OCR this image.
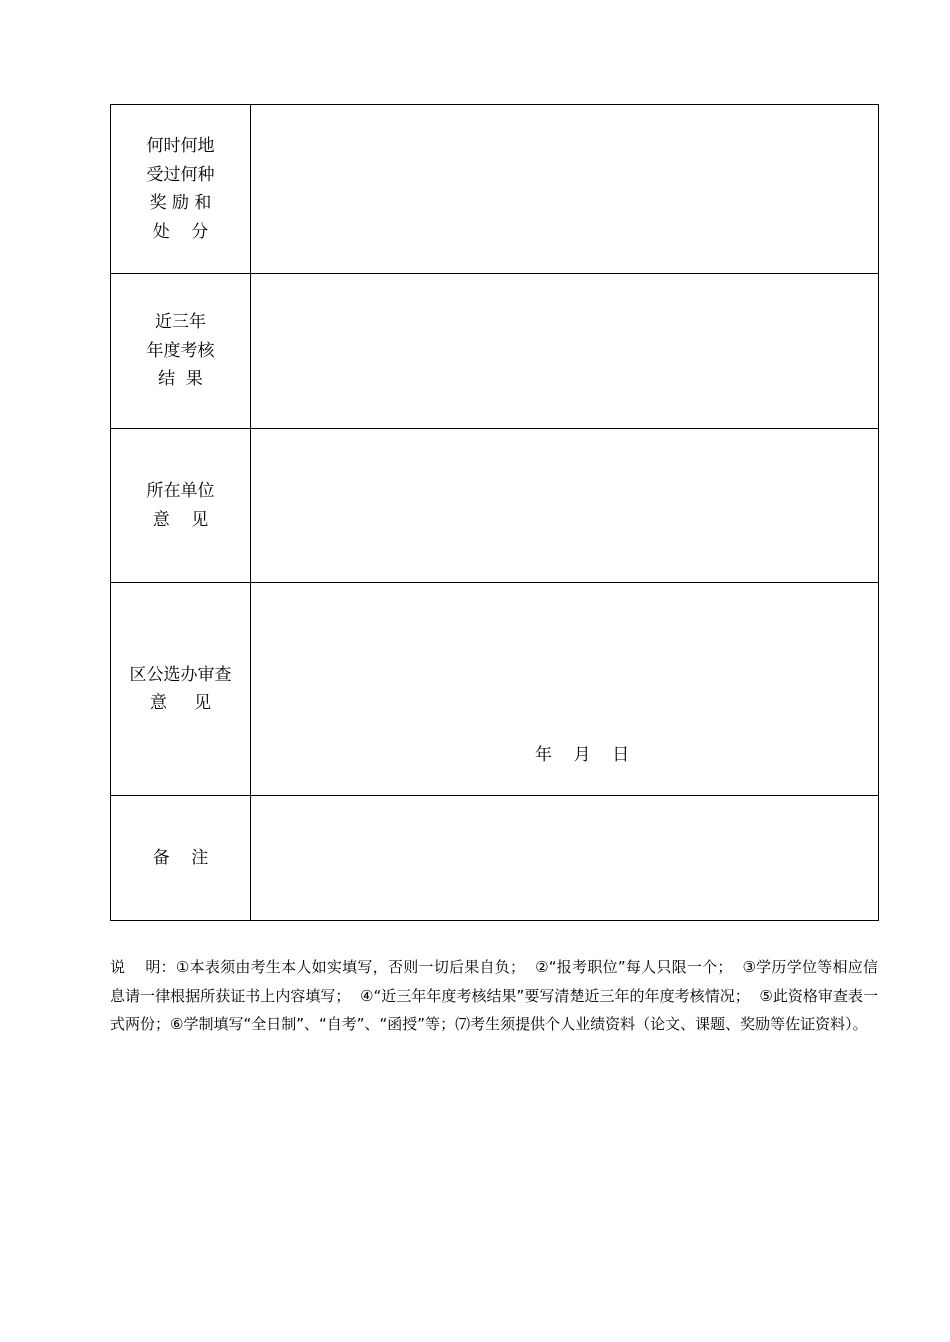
何时何地
受过何种
奖 励 和
处    分	

近三年
年度考核
结  果	

所在单位
意    见	

区公选办审查
意     见	年    月    日

备    注	

说    明：①本表须由考生本人如实填写，否则一切后果自负；  ②“报考职位”每人只限一个；  ③学历学位等相应信息请一律根据所获证书上内容填写；  ④“近三年年度考核结果”要写清楚近三年的年度考核情况；  ⑤此资格审查表一式两份；⑥学制填写“全日制”、“自考”、“函授”等；⑺考生须提供个人业绩资料（论文、课题、奖励等佐证资料）。
